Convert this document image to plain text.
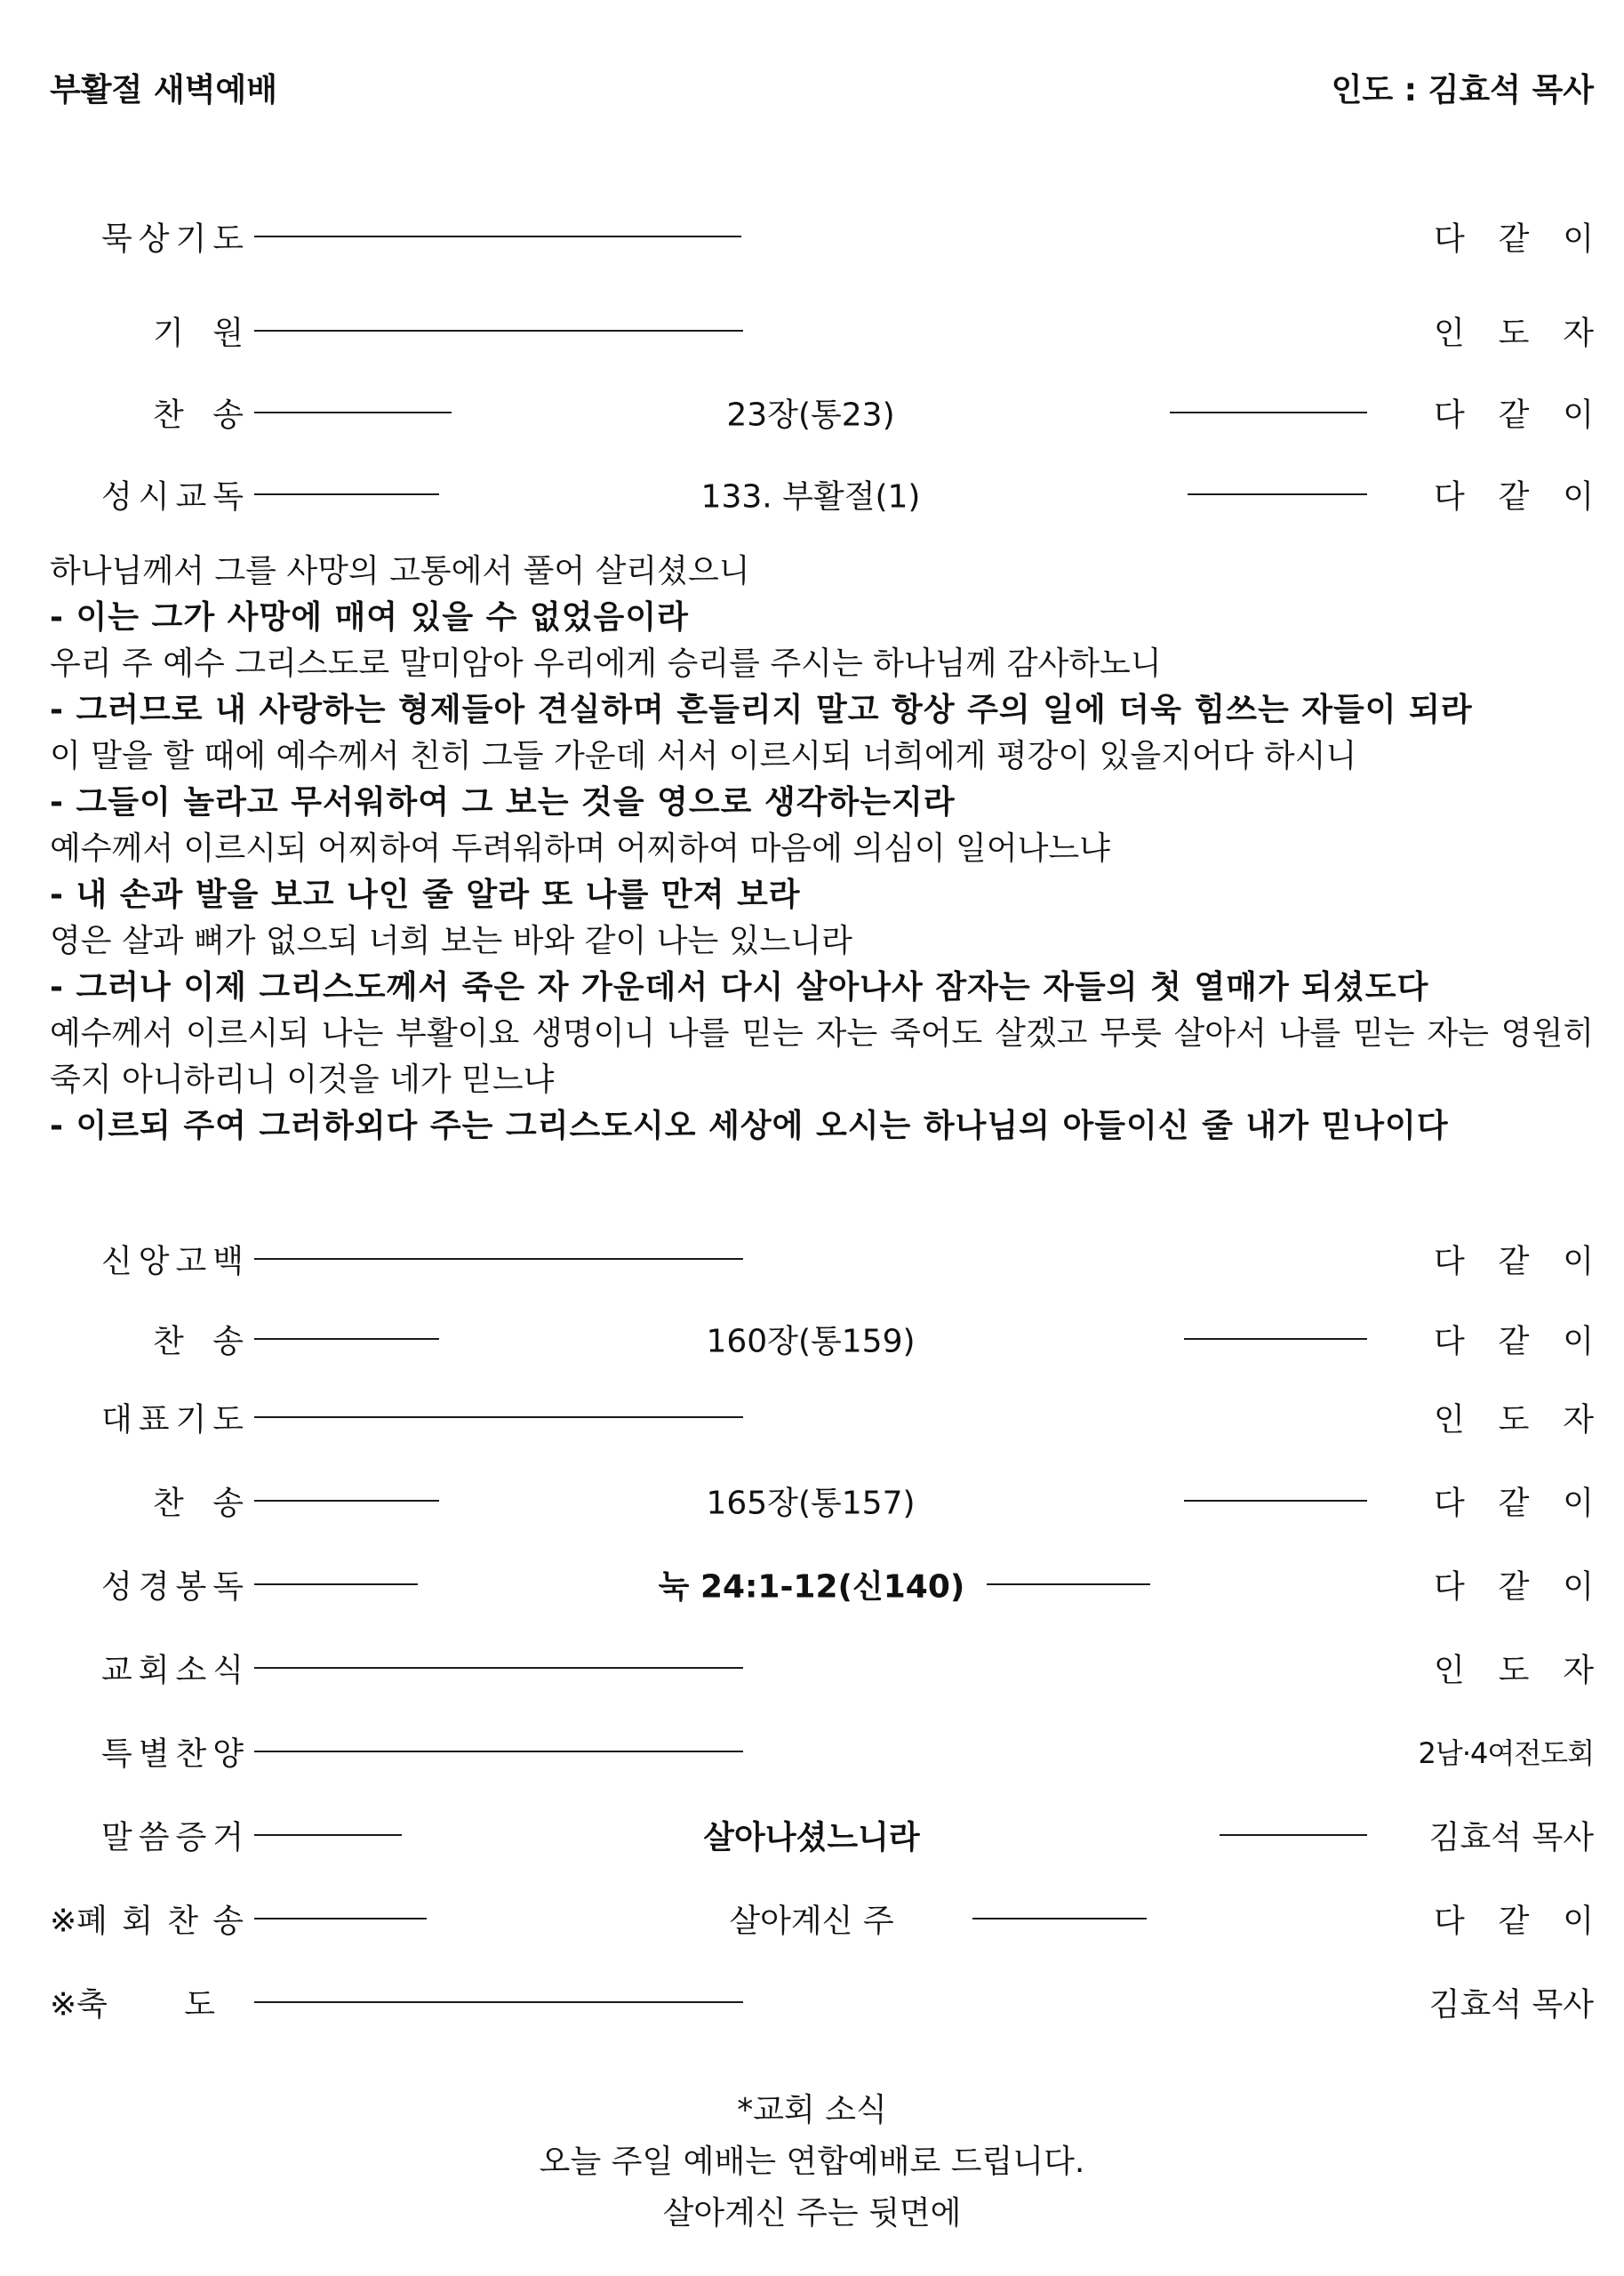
부활절 새벽예배	인도 : 김효석 목사
묵 상 기 도	다 같 이
기 원	인 도 자
찬 송	23장(통23)	다 같 이
성 시 교 독	133. 부활절(1)	다 같 이

하나님께서 그를 사망의 고통에서 풀어 살리셨으니

- 이는 그가 사망에 매여 있을 수 없었음이라

우리 주 예수 그리스도로 말미암아 우리에게 승리를 주시는 하나님께 감사하노니

- 그러므로 내 사랑하는 형제들아 견실하며 흔들리지 말고 항상 주의 일에 더욱 힘쓰는 자들이 되라

이 말을 할 때에 예수께서 친히 그들 가운데 서서 이르시되 너희에게 평강이 있을지어다 하시니

- 그들이 놀라고 무서워하여 그 보는 것을 영으로 생각하는지라

예수께서 이르시되 어찌하여 두려워하며 어찌하여 마음에 의심이 일어나느냐

- 내 손과 발을 보고 나인 줄 알라 또 나를 만져 보라

영은 살과 뼈가 없으되 너희 보는 바와 같이 나는 있느니라

- 그러나 이제 그리스도께서 죽은 자 가운데서 다시 살아나사 잠자는 자들의 첫 열매가 되셨도다

예수께서 이르시되 나는 부활이요 생명이니 나를 믿는 자는 죽어도 살겠고 무릇 살아서 나를 믿는 자는 영원히 죽지 아니하리니 이것을 네가 믿느냐

- 이르되 주여 그러하외다 주는 그리스도시오 세상에 오시는 하나님의 아들이신 줄 내가 믿나이다

신 앙 고 백	다 같 이
찬 송	160장(통159)	다 같 이
대 표 기 도	인 도 자
찬 송	165장(통157)	다 같 이
성 경 봉 독	눅 24:1-12(신140)	다 같 이
교 회 소 식	인 도 자
특 별 찬 양	2남·4여전도회
말 씀 증 거	살아나셨느니라	김효석 목사
※폐 회 찬 송	살아계신 주	다 같 이
※축 도	김효석 목사

*교회 소식

오늘 주일 예배는 연합예배로 드립니다.

살아계신 주는 뒷면에
